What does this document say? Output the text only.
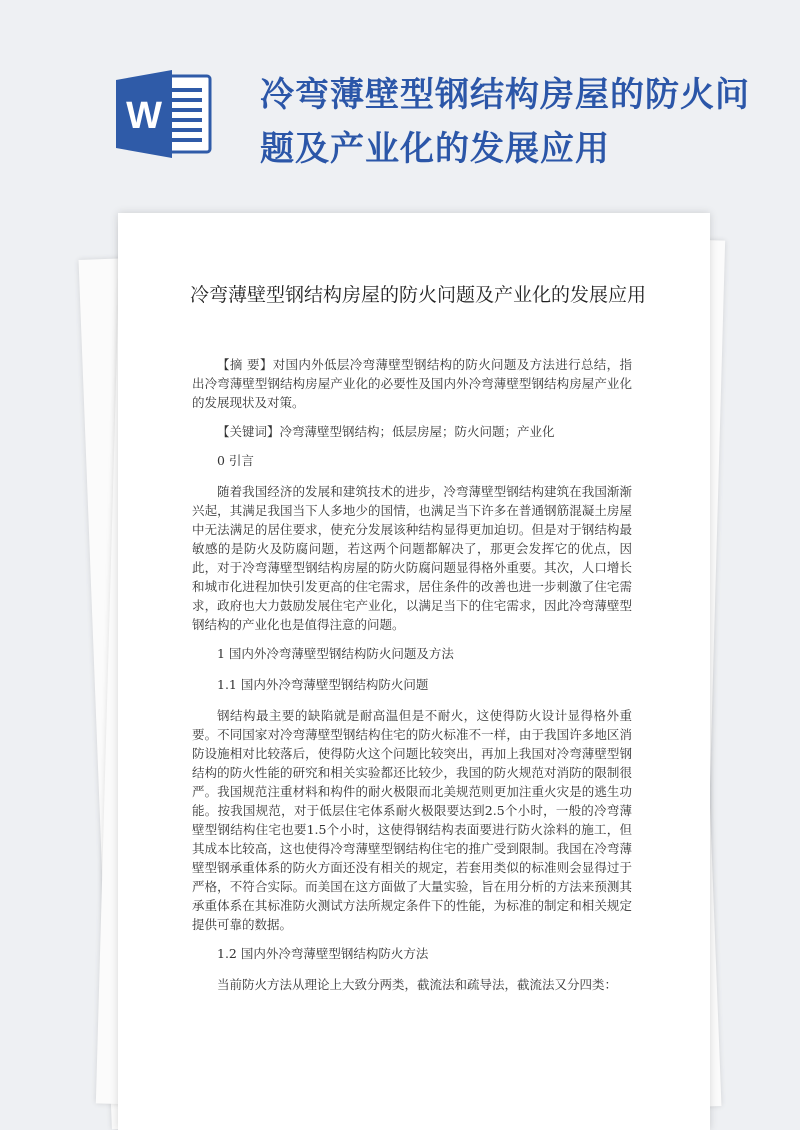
W	冷弯薄壁型钢结构房屋的防火问题及产业化的发展应用
冷弯薄壁型钢结构房屋的防火问题及产业化的发展应用

【摘 要】对国内外低层冷弯薄壁型钢结构的防火问题及方法进行总结，指出冷弯薄壁型钢结构房屋产业化的必要性及国内外冷弯薄壁型钢结构房屋产业化的发展现状及对策。

【关键词】冷弯薄壁型钢结构；低层房屋；防火问题；产业化

0 引言

随着我国经济的发展和建筑技术的进步，冷弯薄壁型钢结构建筑在我国渐渐兴起，其满足我国当下人多地少的国情，也满足当下许多在普通钢筋混凝土房屋中无法满足的居住要求，使充分发展该种结构显得更加迫切。但是对于钢结构最敏感的是防火及防腐问题，若这两个问题都解决了，那更会发挥它的优点，因此，对于冷弯薄壁型钢结构房屋的防火防腐问题显得格外重要。其次，人口增长和城市化进程加快引发更高的住宅需求，居住条件的改善也进一步刺激了住宅需求，政府也大力鼓励发展住宅产业化，以满足当下的住宅需求，因此冷弯薄壁型钢结构的产业化也是值得注意的问题。

1 国内外冷弯薄壁型钢结构防火问题及方法

1.1 国内外冷弯薄壁型钢结构防火问题

钢结构最主要的缺陷就是耐高温但是不耐火，这使得防火设计显得格外重要。不同国家对冷弯薄壁型钢结构住宅的防火标准不一样，由于我国许多地区消防设施相对比较落后，使得防火这个问题比较突出，再加上我国对冷弯薄壁型钢结构的防火性能的研究和相关实验都还比较少，我国的防火规范对消防的限制很严。我国规范注重材料和构件的耐火极限而北美规范则更加注重火灾是的逃生功能。按我国规范，对于低层住宅体系耐火极限要达到2.5个小时，一般的冷弯薄壁型钢结构住宅也要1.5个小时，这使得钢结构表面要进行防火涂料的施工，但其成本比较高，这也使得冷弯薄壁型钢结构住宅的推广受到限制。我国在冷弯薄壁型钢承重体系的防火方面还没有相关的规定，若套用类似的标准则会显得过于严格，不符合实际。而美国在这方面做了大量实验，旨在用分析的方法来预测其承重体系在其标准防火测试方法所规定条件下的性能，为标准的制定和相关规定提供可靠的数据。

1.2 国内外冷弯薄壁型钢结构防火方法

当前防火方法从理论上大致分两类，截流法和疏导法，截流法又分四类：
